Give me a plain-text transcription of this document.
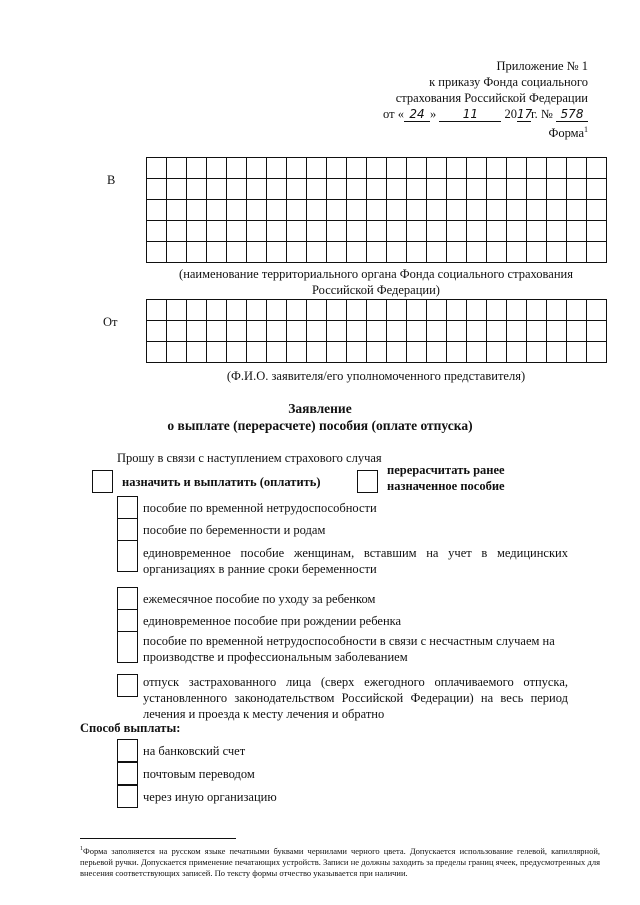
Приложение № 1
к приказу Фонда социального
страхования Российской Федерации
от « 24 » 11 2017г. № 578
Форма$^1$
В

(наименование территориального органа Фонда социального страхования
Российской Федерации)
От

(Ф.И.О. заявителя/его уполномоченного представителя)
Заявление
о выплате (перерасчете) пособия (оплате отпуска)
Прошу в связи с наступлением страхового случая
назначить и выплатить (оплатить)
перерасчитать ранее
назначенное пособие
пособие по временной нетрудоспособности
пособие по беременности и родам
единовременное пособие женщинам, вставшим на учет в медицинских
организациях в ранние сроки беременности
ежемесячное пособие по уходу за ребенком
единовременное пособие при рождении ребенка
пособие по временной нетрудоспособности в связи с несчастным случаем на
производстве и профессиональным заболеванием
отпуск застрахованного лица (сверх ежегодного оплачиваемого отпуска,
установленного законодательством Российской Федерации) на весь период
лечения и проезда к месту лечения и обратно
Способ выплаты:
на банковский счет
почтовым переводом
через иную организацию
$^1$Форма заполняется на русском языке печатными буквами чернилами черного цвета. Допускается использование гелевой, капиллярной, перьевой ручки. Допускается применение печатающих устройств. Записи не должны заходить за пределы границ ячеек, предусмотренных для внесения соответствующих записей. По тексту формы отчество указывается при наличии.
